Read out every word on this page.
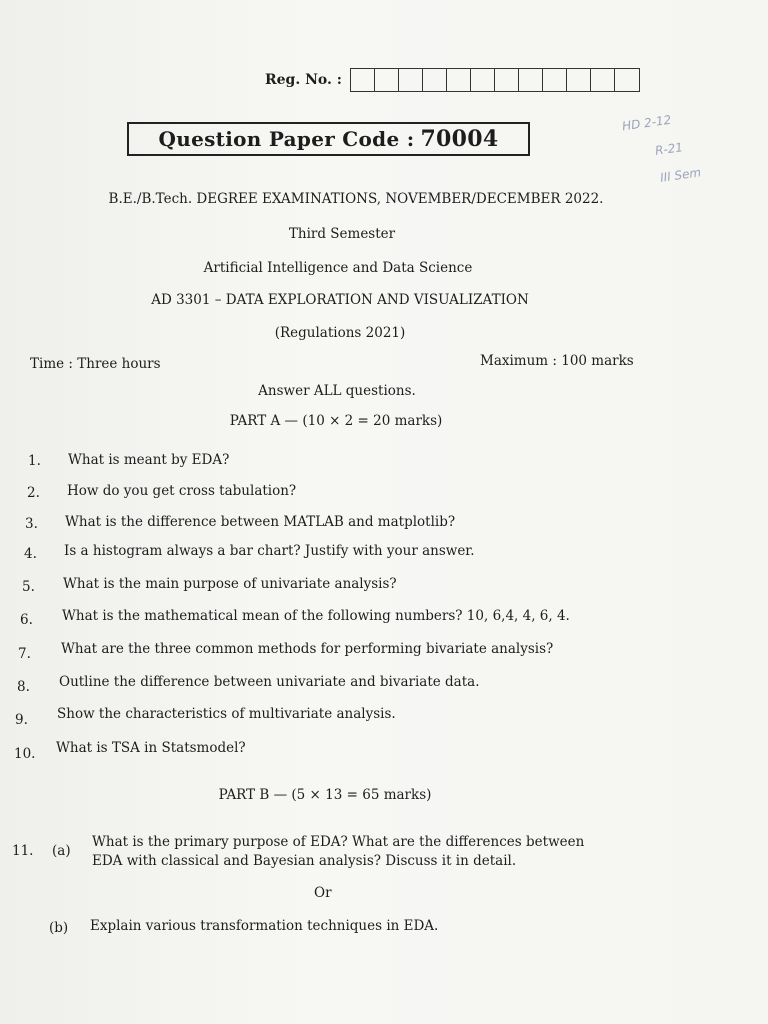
Reg. No. :
Question Paper Code : 70004
HD 2-12
R-21
III Sem
B.E./B.Tech. DEGREE EXAMINATIONS, NOVEMBER/DECEMBER 2022.
Third Semester
Artificial Intelligence and Data Science
AD 3301 – DATA EXPLORATION AND VISUALIZATION
(Regulations 2021)
Time : Three hours	Maximum : 100 marks
Answer ALL questions.
PART A — (10 × 2 = 20 marks)
1. What is meant by EDA?
2. How do you get cross tabulation?
3. What is the difference between MATLAB and matplotlib?
4. Is a histogram always a bar chart? Justify with your answer.
5. What is the main purpose of univariate analysis?
6. What is the mathematical mean of the following numbers? 10, 6,4, 4, 6, 4.
7. What are the three common methods for performing bivariate analysis?
8. Outline the difference between univariate and bivariate data.
9. Show the characteristics of multivariate analysis.
10. What is TSA in Statsmodel?
PART B — (5 × 13 = 65 marks)
11. (a)
What is the primary purpose of EDA? What are the differences between
EDA with classical and Bayesian analysis? Discuss it in detail.
Or
(b) Explain various transformation techniques in EDA.
